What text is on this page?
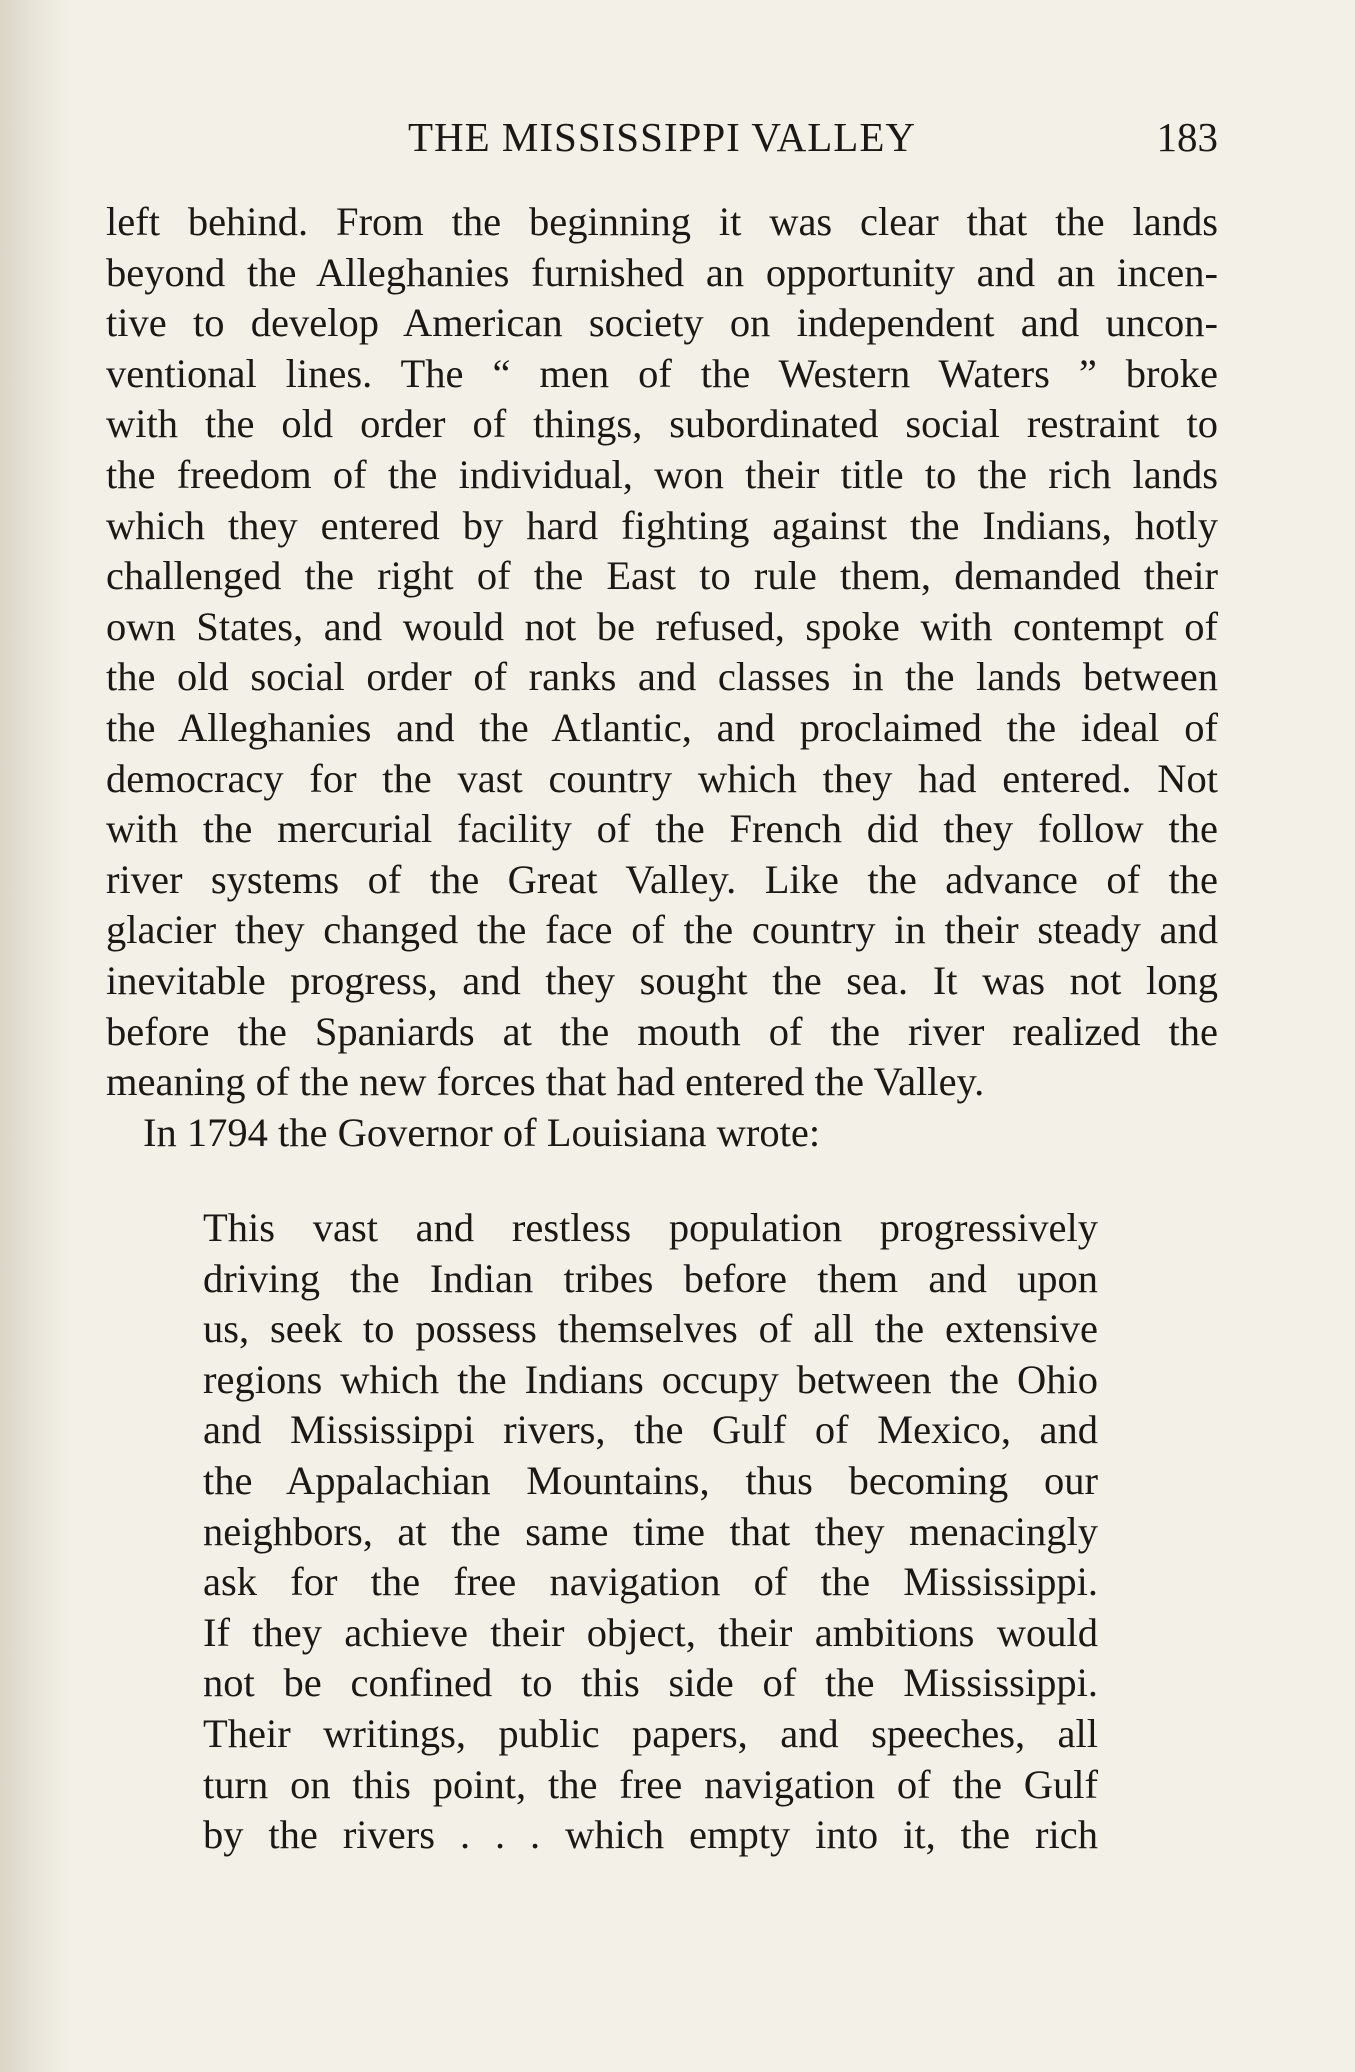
THE MISSISSIPPI VALLEY	183
left behind. From the beginning it was clear that the lands
beyond the Alleghanies furnished an opportunity and an incen-
tive to develop American society on independent and uncon-
ventional lines. The “ men of the Western Waters ” broke
with the old order of things, subordinated social restraint to
the freedom of the individual, won their title to the rich lands
which they entered by hard fighting against the Indians, hotly
challenged the right of the East to rule them, demanded their
own States, and would not be refused, spoke with contempt of
the old social order of ranks and classes in the lands between
the Alleghanies and the Atlantic, and proclaimed the ideal of
democracy for the vast country which they had entered. Not
with the mercurial facility of the French did they follow the
river systems of the Great Valley. Like the advance of the
glacier they changed the face of the country in their steady and
inevitable progress, and they sought the sea. It was not long
before the Spaniards at the mouth of the river realized the
meaning of the new forces that had entered the Valley.
In 1794 the Governor of Louisiana wrote:
This vast and restless population progressively
driving the Indian tribes before them and upon
us, seek to possess themselves of all the extensive
regions which the Indians occupy between the Ohio
and Mississippi rivers, the Gulf of Mexico, and
the Appalachian Mountains, thus becoming our
neighbors, at the same time that they menacingly
ask for the free navigation of the Mississippi.
If they achieve their object, their ambitions would
not be confined to this side of the Mississippi.
Their writings, public papers, and speeches, all
turn on this point, the free navigation of the Gulf
by the rivers . . . which empty into it, the rich
